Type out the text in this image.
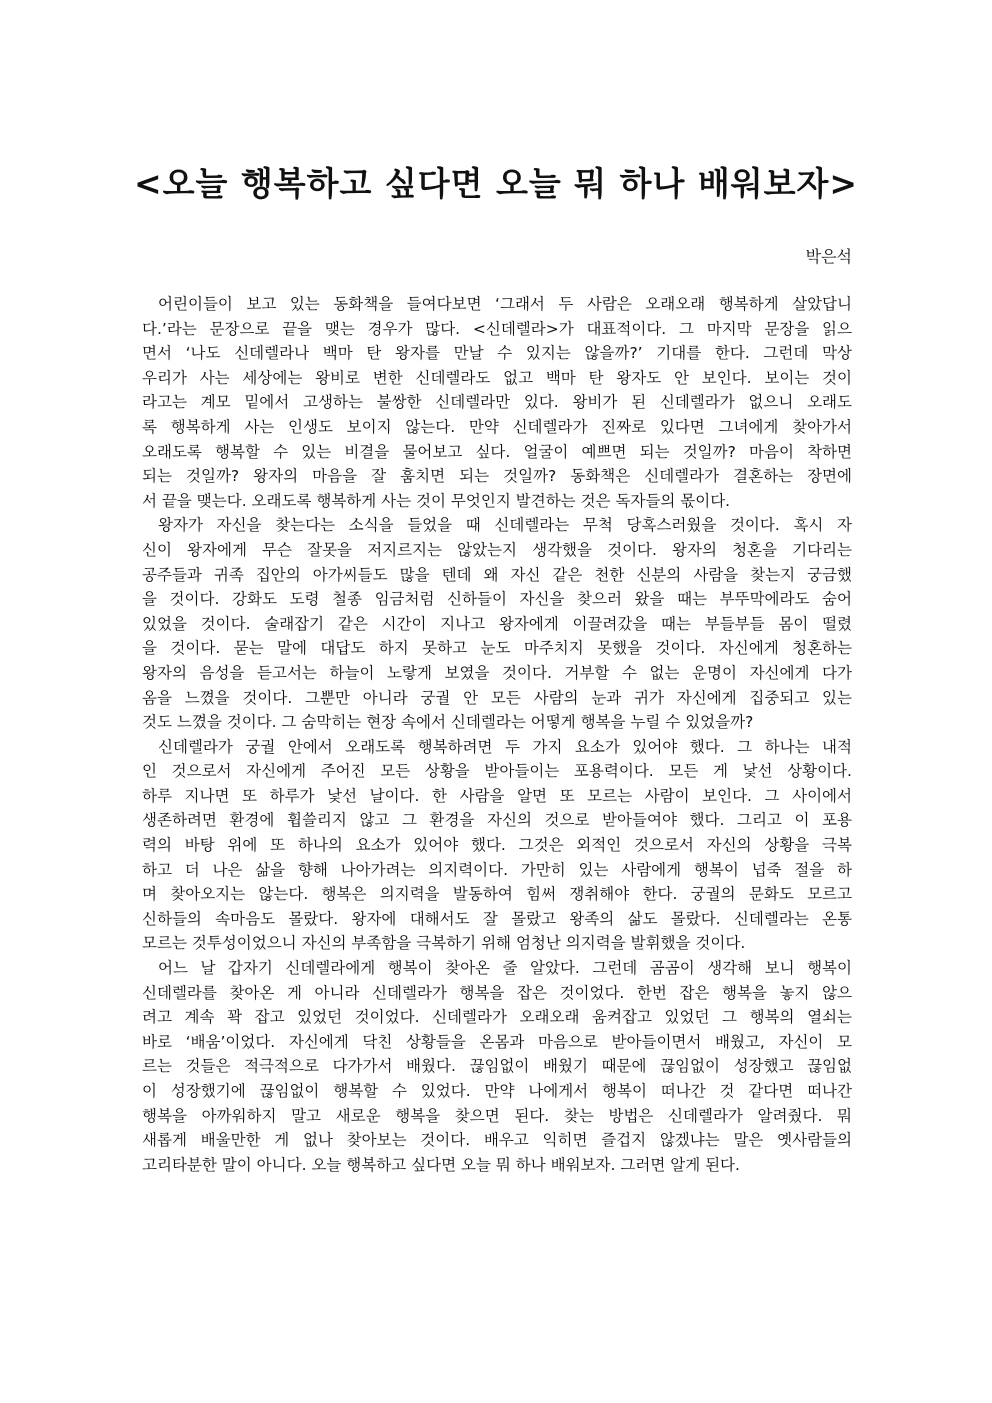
<오늘 행복하고 싶다면 오늘 뭐 하나 배워보자>
박은석
어린이들이 보고 있는 동화책을 들여다보면 ‘그래서 두 사람은 오래오래 행복하게 살았답니
다.’라는 문장으로 끝을 맺는 경우가 많다. <신데렐라>가 대표적이다. 그 마지막 문장을 읽으
면서 ‘나도 신데렐라나 백마 탄 왕자를 만날 수 있지는 않을까?’ 기대를 한다. 그런데 막상
우리가 사는 세상에는 왕비로 변한 신데렐라도 없고 백마 탄 왕자도 안 보인다. 보이는 것이
라고는 계모 밑에서 고생하는 불쌍한 신데렐라만 있다. 왕비가 된 신데렐라가 없으니 오래도
록 행복하게 사는 인생도 보이지 않는다. 만약 신데렐라가 진짜로 있다면 그녀에게 찾아가서
오래도록 행복할 수 있는 비결을 물어보고 싶다. 얼굴이 예쁘면 되는 것일까? 마음이 착하면
되는 것일까? 왕자의 마음을 잘 훔치면 되는 것일까? 동화책은 신데렐라가 결혼하는 장면에
서 끝을 맺는다. 오래도록 행복하게 사는 것이 무엇인지 발견하는 것은 독자들의 몫이다.
왕자가 자신을 찾는다는 소식을 들었을 때 신데렐라는 무척 당혹스러웠을 것이다. 혹시 자
신이 왕자에게 무슨 잘못을 저지르지는 않았는지 생각했을 것이다. 왕자의 청혼을 기다리는
공주들과 귀족 집안의 아가씨들도 많을 텐데 왜 자신 같은 천한 신분의 사람을 찾는지 궁금했
을 것이다. 강화도 도령 철종 임금처럼 신하들이 자신을 찾으러 왔을 때는 부뚜막에라도 숨어
있었을 것이다. 술래잡기 같은 시간이 지나고 왕자에게 이끌려갔을 때는 부들부들 몸이 떨렸
을 것이다. 묻는 말에 대답도 하지 못하고 눈도 마주치지 못했을 것이다. 자신에게 청혼하는
왕자의 음성을 듣고서는 하늘이 노랗게 보였을 것이다. 거부할 수 없는 운명이 자신에게 다가
옴을 느꼈을 것이다. 그뿐만 아니라 궁궐 안 모든 사람의 눈과 귀가 자신에게 집중되고 있는
것도 느꼈을 것이다. 그 숨막히는 현장 속에서 신데렐라는 어떻게 행복을 누릴 수 있었을까?
신데렐라가 궁궐 안에서 오래도록 행복하려면 두 가지 요소가 있어야 했다. 그 하나는 내적
인 것으로서 자신에게 주어진 모든 상황을 받아들이는 포용력이다. 모든 게 낯선 상황이다.
하루 지나면 또 하루가 낯선 날이다. 한 사람을 알면 또 모르는 사람이 보인다. 그 사이에서
생존하려면 환경에 휩쓸리지 않고 그 환경을 자신의 것으로 받아들여야 했다. 그리고 이 포용
력의 바탕 위에 또 하나의 요소가 있어야 했다. 그것은 외적인 것으로서 자신의 상황을 극복
하고 더 나은 삶을 향해 나아가려는 의지력이다. 가만히 있는 사람에게 행복이 넙죽 절을 하
며 찾아오지는 않는다. 행복은 의지력을 발동하여 힘써 쟁취해야 한다. 궁궐의 문화도 모르고
신하들의 속마음도 몰랐다. 왕자에 대해서도 잘 몰랐고 왕족의 삶도 몰랐다. 신데렐라는 온통
모르는 것투성이었으니 자신의 부족함을 극복하기 위해 엄청난 의지력을 발휘했을 것이다.
어느 날 갑자기 신데렐라에게 행복이 찾아온 줄 알았다. 그런데 곰곰이 생각해 보니 행복이
신데렐라를 찾아온 게 아니라 신데렐라가 행복을 잡은 것이었다. 한번 잡은 행복을 놓지 않으
려고 계속 꽉 잡고 있었던 것이었다. 신데렐라가 오래오래 움켜잡고 있었던 그 행복의 열쇠는
바로 ‘배움’이었다. 자신에게 닥친 상황들을 온몸과 마음으로 받아들이면서 배웠고, 자신이 모
르는 것들은 적극적으로 다가가서 배웠다. 끊임없이 배웠기 때문에 끊임없이 성장했고 끊임없
이 성장했기에 끊임없이 행복할 수 있었다. 만약 나에게서 행복이 떠나간 것 같다면 떠나간
행복을 아까워하지 말고 새로운 행복을 찾으면 된다. 찾는 방법은 신데렐라가 알려줬다. 뭐
새롭게 배울만한 게 없나 찾아보는 것이다. 배우고 익히면 즐겁지 않겠냐는 말은 옛사람들의
고리타분한 말이 아니다. 오늘 행복하고 싶다면 오늘 뭐 하나 배워보자. 그러면 알게 된다.
